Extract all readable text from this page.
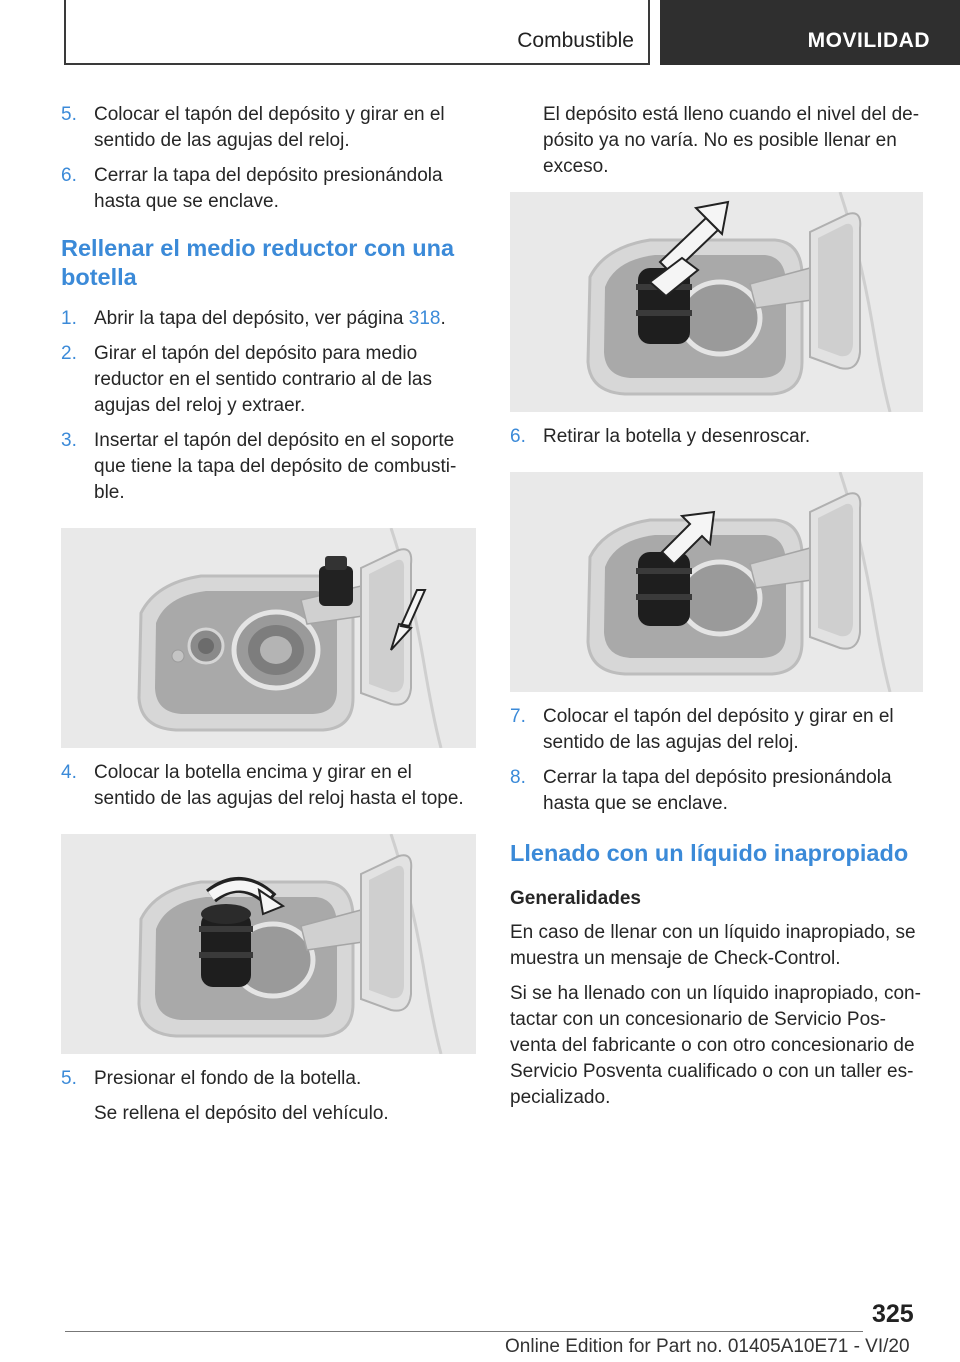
Combustible	MOVILIDAD
5. Colocar el tapón del depósito y girar en el sentido de las agujas del reloj.
6. Cerrar la tapa del depósito presionándola hasta que se enclave.
Rellenar el medio reductor con una botella
1. Abrir la tapa del depósito, ver página 318.
2. Girar el tapón del depósito para medio reductor en el sentido contrario al de las agujas del reloj y extraer.
3. Insertar el tapón del depósito en el soporte que tiene la tapa del depósito de combustible.
4. Colocar la botella encima y girar en el sentido de las agujas del reloj hasta el tope.
5. Presionar el fondo de la botella.
Se rellena el depósito del vehículo.
El depósito está lleno cuando el nivel del depósito ya no varía. No es posible llenar en exceso.
6. Retirar la botella y desenroscar.
7. Colocar el tapón del depósito y girar en el sentido de las agujas del reloj.
8. Cerrar la tapa del depósito presionándola hasta que se enclave.
Llenado con un líquido inapropiado
Generalidades
En caso de llenar con un líquido inapropiado, se muestra un mensaje de Check-Control.
Si se ha llenado con un líquido inapropiado, contactar con un concesionario de Servicio Posventa del fabricante o con otro concesionario de Servicio Posventa cualificado o con un taller especializado.
325
Online Edition for Part no. 01405A10E71 - VI/20
